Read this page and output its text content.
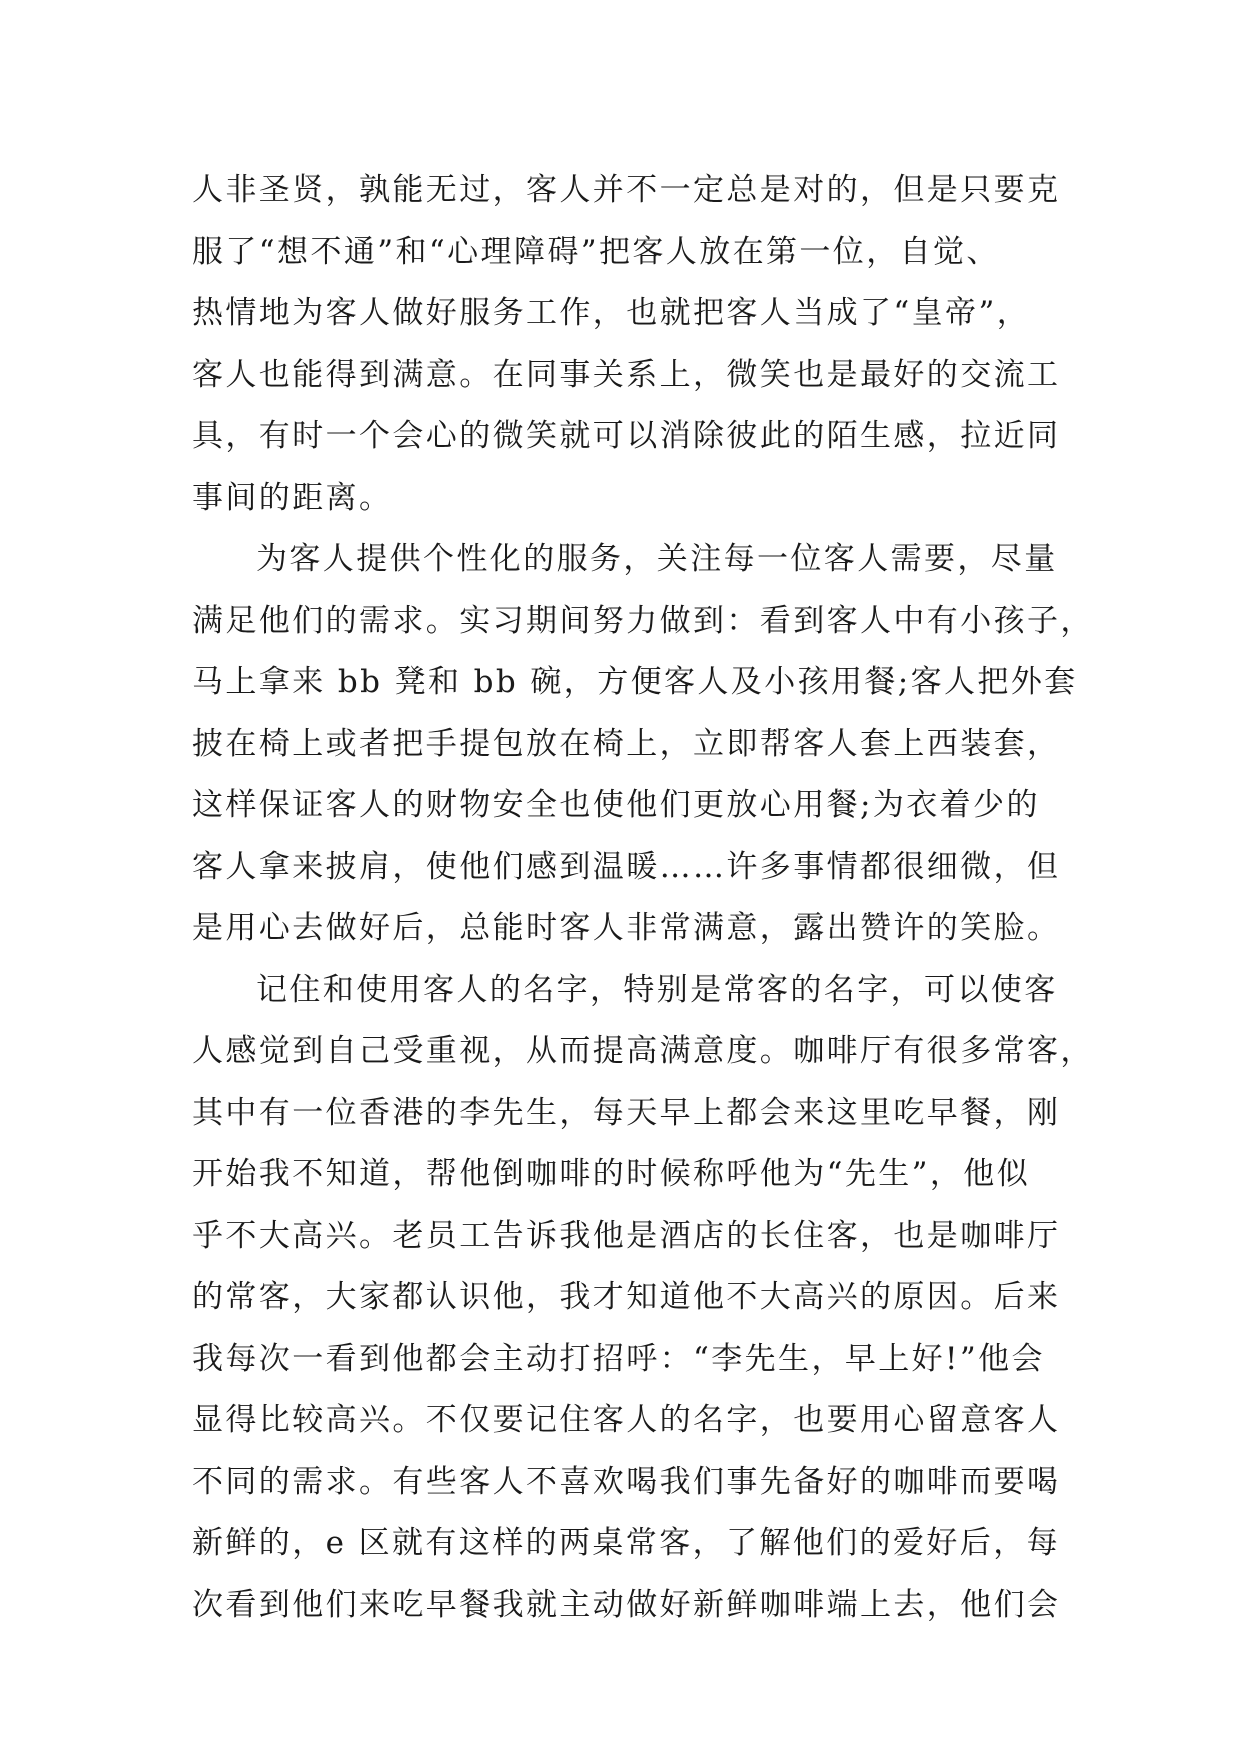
人非圣贤，孰能无过，客人并不一定总是对的，但是只要克
服了“想不通”和“心理障碍”把客人放在第一位，自觉、
热情地为客人做好服务工作，也就把客人当成了“皇帝”，
客人也能得到满意。在同事关系上，微笑也是最好的交流工
具，有时一个会心的微笑就可以消除彼此的陌生感，拉近同
事间的距离。
为客人提供个性化的服务，关注每一位客人需要，尽量
满足他们的需求。实习期间努力做到：看到客人中有小孩子，
马上拿来 bb 凳和 bb 碗，方便客人及小孩用餐;客人把外套
披在椅上或者把手提包放在椅上，立即帮客人套上西装套，
这样保证客人的财物安全也使他们更放心用餐;为衣着少的
客人拿来披肩，使他们感到温暖……许多事情都很细微，但
是用心去做好后，总能时客人非常满意，露出赞许的笑脸。
记住和使用客人的名字，特别是常客的名字，可以使客
人感觉到自己受重视，从而提高满意度。咖啡厅有很多常客，
其中有一位香港的李先生，每天早上都会来这里吃早餐，刚
开始我不知道，帮他倒咖啡的时候称呼他为“先生”，他似
乎不大高兴。老员工告诉我他是酒店的长住客，也是咖啡厅
的常客，大家都认识他，我才知道他不大高兴的原因。后来
我每次一看到他都会主动打招呼：“李先生，早上好!”他会
显得比较高兴。不仅要记住客人的名字，也要用心留意客人
不同的需求。有些客人不喜欢喝我们事先备好的咖啡而要喝
新鲜的，e 区就有这样的两桌常客，了解他们的爱好后，每
次看到他们来吃早餐我就主动做好新鲜咖啡端上去，他们会
